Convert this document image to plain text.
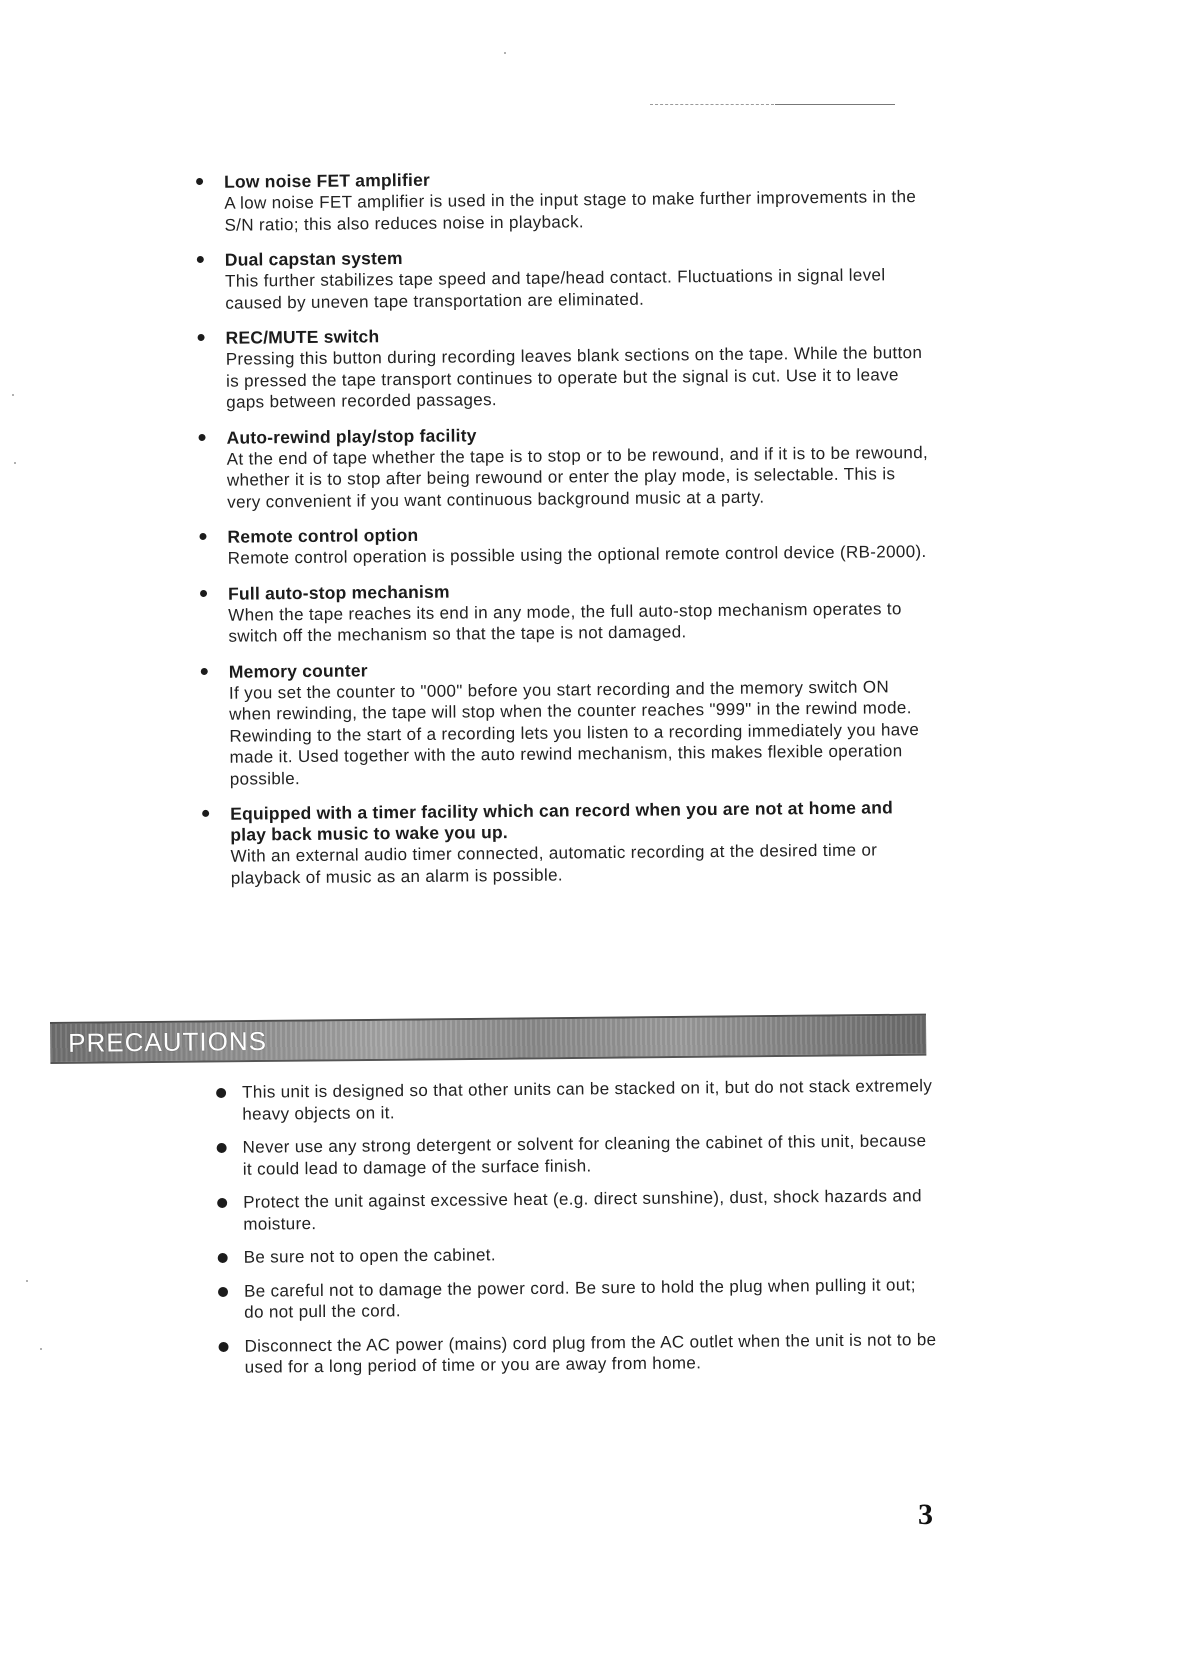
Low noise FET amplifier
A low noise FET amplifier is used in the input stage to make further improvements in the S/N ratio; this also reduces noise in playback.
Dual capstan system
This further stabilizes tape speed and tape/head contact. Fluctuations in signal level caused by uneven tape transportation are eliminated.
REC/MUTE switch
Pressing this button during recording leaves blank sections on the tape. While the button is pressed the tape transport continues to operate but the signal is cut. Use it to leave gaps between recorded passages.
Auto-rewind play/stop facility
At the end of tape whether the tape is to stop or to be rewound, and if it is to be rewound, whether it is to stop after being rewound or enter the play mode, is selectable. This is very convenient if you want continuous background music at a party.
Remote control option
Remote control operation is possible using the optional remote control device (RB-2000).
Full auto-stop mechanism
When the tape reaches its end in any mode, the full auto-stop mechanism operates to switch off the mechanism so that the tape is not damaged.
Memory counter
If you set the counter to "000" before you start recording and the memory switch ON when rewinding, the tape will stop when the counter reaches "999" in the rewind mode. Rewinding to the start of a recording lets you listen to a recording immediately you have made it. Used together with the auto rewind mechanism, this makes flexible operation possible.
Equipped with a timer facility which can record when you are not at home and play back music to wake you up.
With an external audio timer connected, automatic recording at the desired time or playback of music as an alarm is possible.
PRECAUTIONS
This unit is designed so that other units can be stacked on it, but do not stack extremely heavy objects on it.
Never use any strong detergent or solvent for cleaning the cabinet of this unit, because it could lead to damage of the surface finish.
Protect the unit against excessive heat (e.g. direct sunshine), dust, shock hazards and moisture.
Be sure not to open the cabinet.
Be careful not to damage the power cord. Be sure to hold the plug when pulling it out; do not pull the cord.
Disconnect the AC power (mains) cord plug from the AC outlet when the unit is not to be used for a long period of time or you are away from home.
3
